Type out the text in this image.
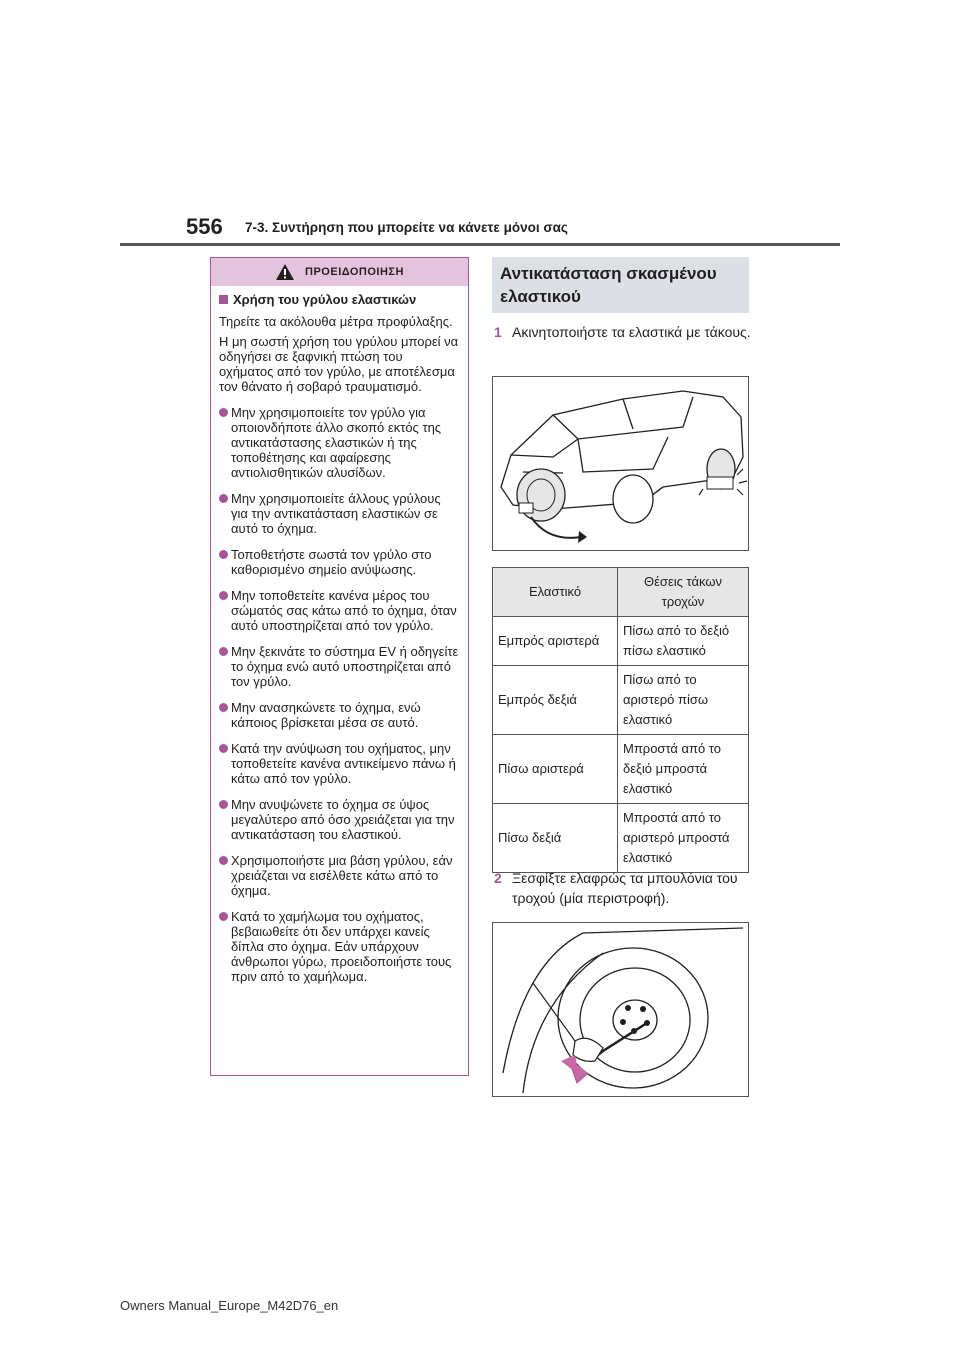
556 7-3. Συντήρηση που μπορείτε να κάνετε μόνοι σας
ΠΡΟΕΙΔΟΠΟΙΗΣΗ
Χρήση του γρύλου ελαστικών
Τηρείτε τα ακόλουθα μέτρα προφύλαξης.
Η μη σωστή χρήση του γρύλου μπορεί να οδηγήσει σε ξαφνική πτώση του οχήματος από τον γρύλο, με αποτέλεσμα τον θάνατο ή σοβαρό τραυματισμό.
Μην χρησιμοποιείτε τον γρύλο για οποιονδήποτε άλλο σκοπό εκτός της αντικατάστασης ελαστικών ή της τοποθέτησης και αφαίρεσης αντιολισθητικών αλυσίδων.
Μην χρησιμοποιείτε άλλους γρύλους για την αντικατάσταση ελαστικών σε αυτό το όχημα.
Τοποθετήστε σωστά τον γρύλο στο καθορισμένο σημείο ανύψωσης.
Μην τοποθετείτε κανένα μέρος του σώματός σας κάτω από το όχημα, όταν αυτό υποστηρίζεται από τον γρύλο.
Μην ξεκινάτε το σύστημα EV ή οδηγείτε το όχημα ενώ αυτό υποστηρίζεται από τον γρύλο.
Μην ανασηκώνετε το όχημα, ενώ κάποιος βρίσκεται μέσα σε αυτό.
Κατά την ανύψωση του οχήματος, μην τοποθετείτε κανένα αντικείμενο πάνω ή κάτω από τον γρύλο.
Μην ανυψώνετε το όχημα σε ύψος μεγαλύτερο από όσο χρειάζεται για την αντικατάσταση του ελαστικού.
Χρησιμοποιήστε μια βάση γρύλου, εάν χρειάζεται να εισέλθετε κάτω από το όχημα.
Κατά το χαμήλωμα του οχήματος, βεβαιωθείτε ότι δεν υπάρχει κανείς δίπλα στο όχημα. Εάν υπάρχουν άνθρωποι γύρω, προειδοποιήστε τους πριν από το χαμήλωμα.
Αντικατάσταση σκασμένου ελαστικού
1 Ακινητοποιήστε τα ελαστικά με τάκους.
Ελαστικό	Θέσεις τάκων τροχών
Εμπρός αριστερά	Πίσω από το δεξιό πίσω ελαστικό
Εμπρός δεξιά	Πίσω από το αριστερό πίσω ελαστικό
Πίσω αριστερά	Μπροστά από το δεξιό μπροστά ελαστικό
Πίσω δεξιά	Μπροστά από το αριστερό μπροστά ελαστικό
2 Ξεσφίξτε ελαφρώς τα μπουλόνια του τροχού (μία περιστροφή).
Owners Manual_Europe_M42D76_en
